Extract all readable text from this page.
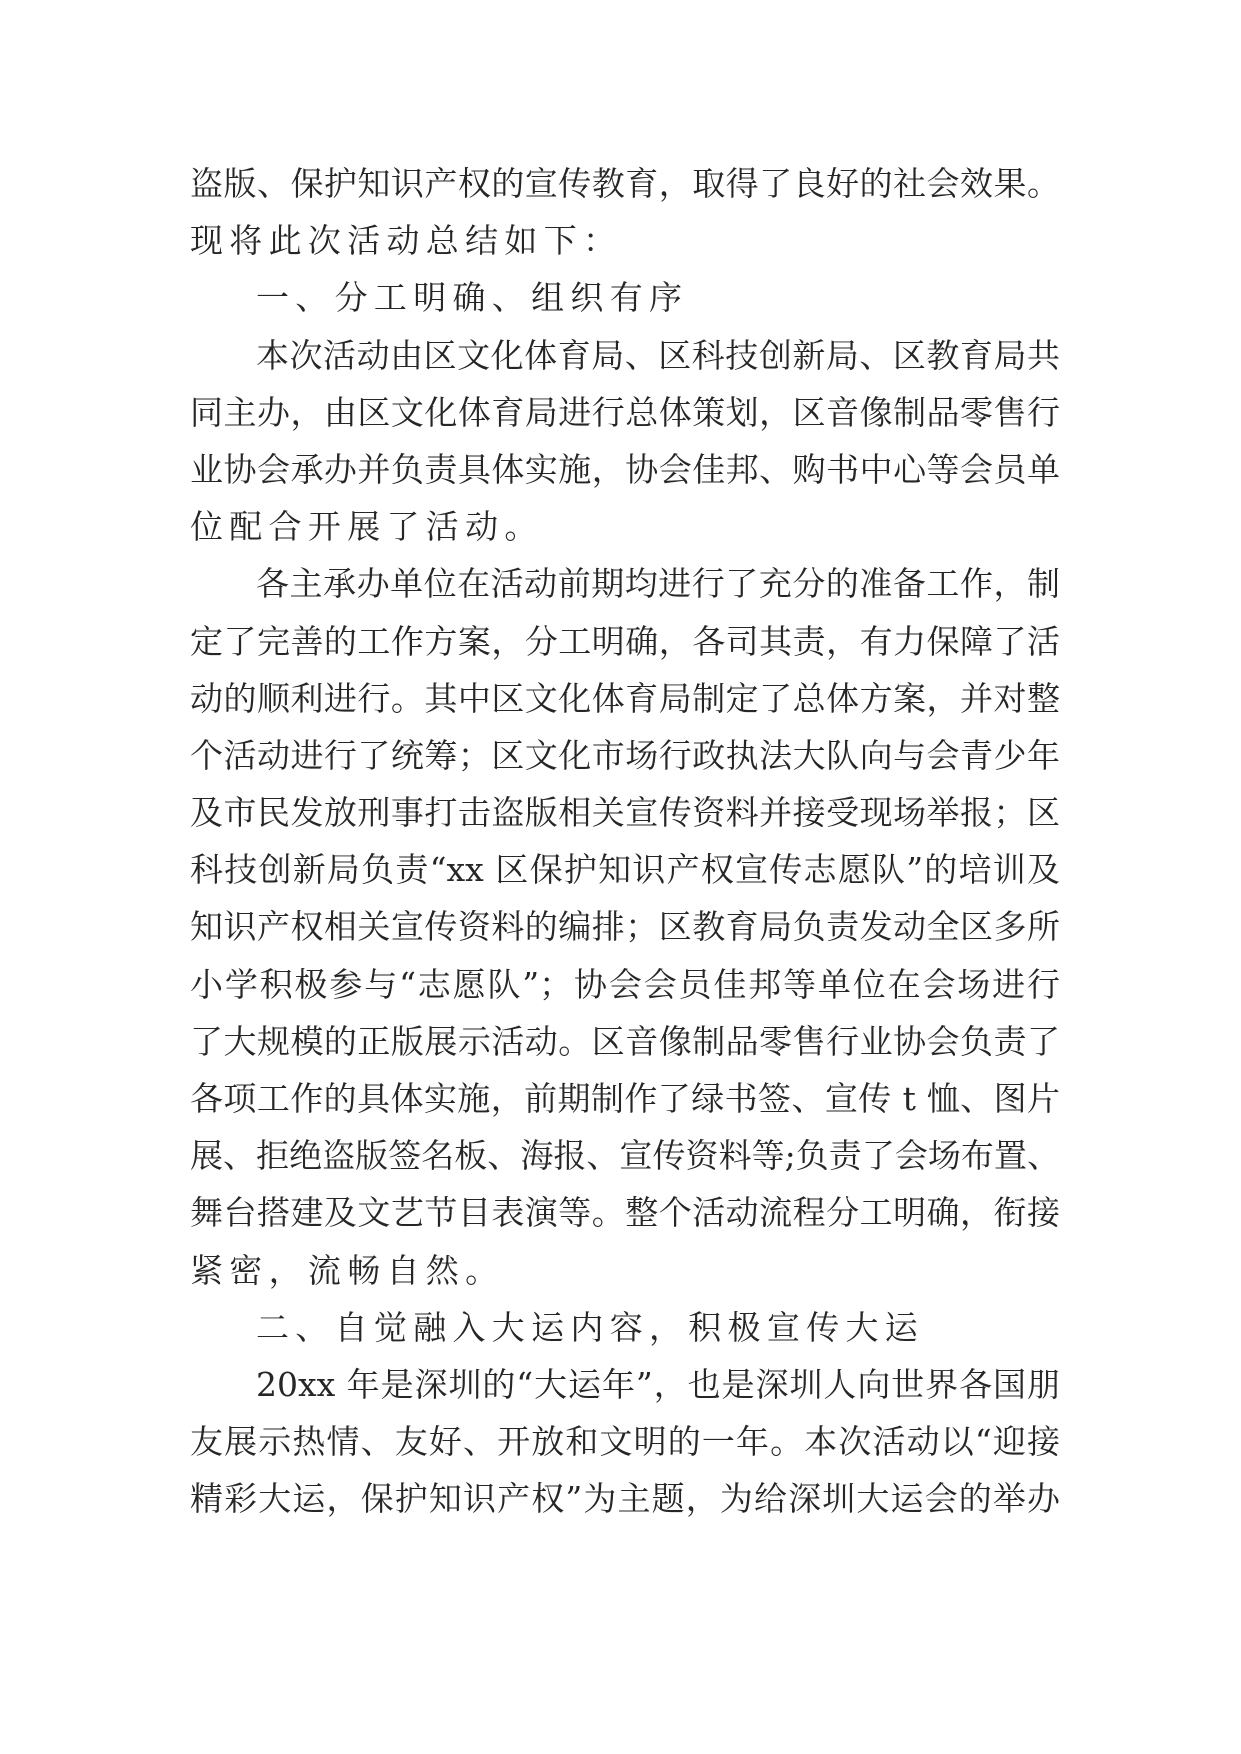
盗版、保护知识产权的宣传教育，取得了良好的社会效果。
现将此次活动总结如下：
一、分工明确、组织有序
本次活动由区文化体育局、区科技创新局、区教育局共
同主办，由区文化体育局进行总体策划，区音像制品零售行
业协会承办并负责具体实施，协会佳邦、购书中心等会员单
位配合开展了活动。
各主承办单位在活动前期均进行了充分的准备工作，制
定了完善的工作方案，分工明确，各司其责，有力保障了活
动的顺利进行。其中区文化体育局制定了总体方案，并对整
个活动进行了统筹；区文化市场行政执法大队向与会青少年
及市民发放刑事打击盗版相关宣传资料并接受现场举报；区
科技创新局负责“xx 区保护知识产权宣传志愿队”的培训及
知识产权相关宣传资料的编排；区教育局负责发动全区多所
小学积极参与“志愿队”；协会会员佳邦等单位在会场进行
了大规模的正版展示活动。区音像制品零售行业协会负责了
各项工作的具体实施，前期制作了绿书签、宣传 t 恤、图片
展、拒绝盗版签名板、海报、宣传资料等;负责了会场布置、
舞台搭建及文艺节目表演等。整个活动流程分工明确，衔接
紧密，流畅自然。
二、自觉融入大运内容，积极宣传大运
20xx 年是深圳的“大运年”，也是深圳人向世界各国朋
友展示热情、友好、开放和文明的一年。本次活动以“迎接
精彩大运，保护知识产权”为主题，为给深圳大运会的举办
